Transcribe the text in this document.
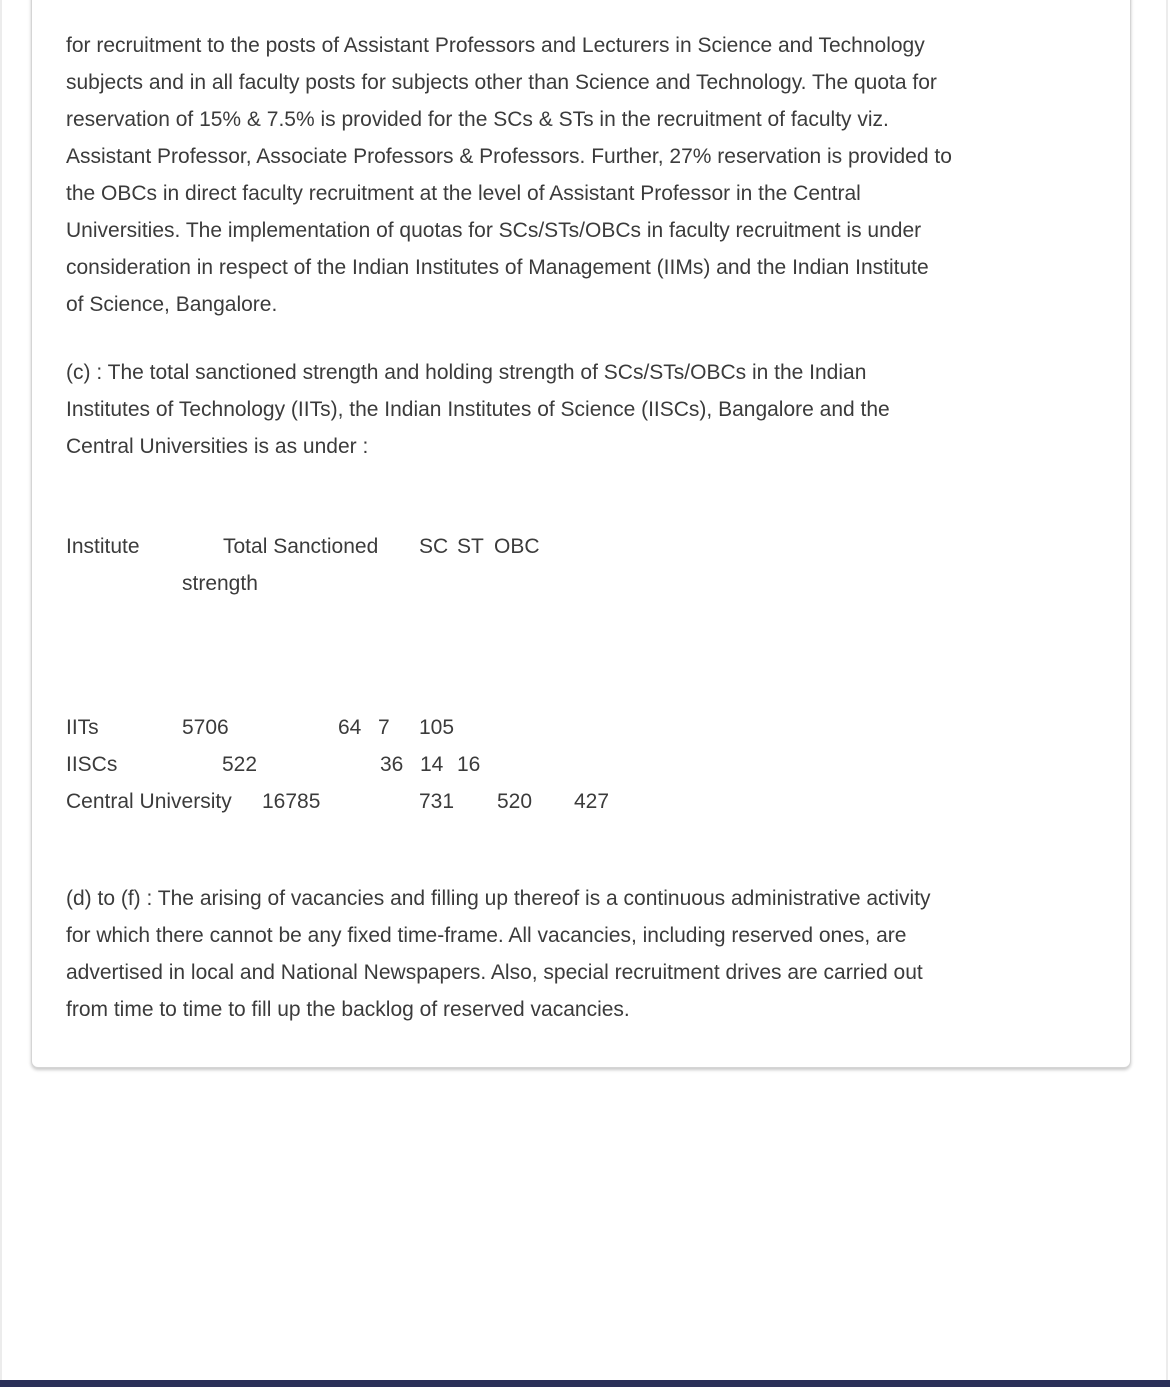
for recruitment to the posts of Assistant Professors and Lecturers in Science and Technology
subjects and in all faculty posts for subjects other than Science and Technology. The quota for
reservation of 15% & 7.5% is provided for the SCs & STs in the recruitment of faculty viz.
Assistant Professor, Associate Professors & Professors. Further, 27% reservation is provided to
the OBCs in direct faculty recruitment at the level of Assistant Professor in the Central
Universities. The implementation of quotas for SCs/STs/OBCs in faculty recruitment is under
consideration in respect of the Indian Institutes of Management (IIMs) and the Indian Institute
of Science, Bangalore.
(c) : The total sanctioned strength and holding strength of SCs/STs/OBCs in the Indian
Institutes of Technology (IITs), the Indian Institutes of Science (IISCs), Bangalore and the
Central Universities is as under :
Institute	Total Sanctioned SC ST OBC
strength
IITs	5706	64 7 105
IISCs	522	36 14 16
Central University 16785	731 520 427
(d) to (f) : The arising of vacancies and filling up thereof is a continuous administrative activity
for which there cannot be any fixed time-frame. All vacancies, including reserved ones, are
advertised in local and National Newspapers. Also, special recruitment drives are carried out
from time to time to fill up the backlog of reserved vacancies.
